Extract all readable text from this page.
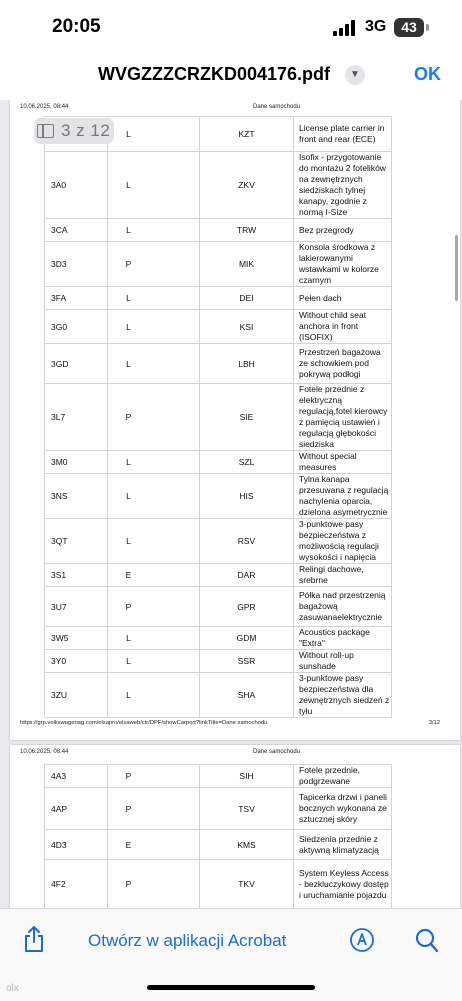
20:05	3G	43
WVGZZZCRZKD004176.pdf	▼	OK
10.06.2025, 08:44	Dane samochodu
	L	KZT	License plate carrier in front and rear (ECE)
3A0	L	ZKV	Isofix - przygotowanie do montażu 2 fotelików na zewnętrznych siedziskach tylnej kanapy, zgodnie z normą I-Size
3CA	L	TRW	Bez przegrody
3D3	P	MIK	Konsola środkowa z lakierowanymi wstawkami w kolorze czarnym
3FA	L	DEI	Pełen dach
3G0	L	KSI	Without child seat anchora in front (ISOFIX)
3GD	L	LBH	Przestrzeń bagażowa ze schowkiem pod pokrywą podłogi
3L7	P	SIE	Fotele przednie z elektryczną regulacją,fotel kierowcy z pamięcią ustawień i regulacją głębokości siedziska
3M0	L	SZL	Without special measures
3NS	L	HIS	Tylna kanapa przesuwana z regulacją nachylenia oparcia, dzielona asymetrycznie
3QT	L	RSV	3-punktowe pasy bezpieczeństwa z możliwością regulacji wysokości i napięcia
3S1	E	DAR	Relingi dachowe, srebrne
3U7	P	GPR	Półka nad przestrzenią bagażową zasuwanaelektrycznie
3W5	L	GDM	Acoustics package "Extra"
3Y0	L	SSR	Without roll-up sunshade
3ZU	L	SHA	3-punktowe pasy bezpieczeństwa dla zewnętrznych siedzeń z tyłu
https://grp.volkswagenag.com/elsapro/elsaweb/ctr/DPF/showCarport?linkTitle=Dane samochodu	3/12
10.06.2025, 08:44	Dane samochodu
4A3	P	SIH	Fotele przednie, podgrzewane
4AP	P	TSV	Tapicerka drzwi i paneli bocznych wykonana ze sztucznej skóry
4D3	E	KMS	Siedzenia przednie z aktywną klimatyzacją
4F2	P	TKV	System Keyless Access - bezkluczykowy dostęp i uruchamianie pojazdu
3 z 12
Otwórz w aplikacji Acrobat
olx
